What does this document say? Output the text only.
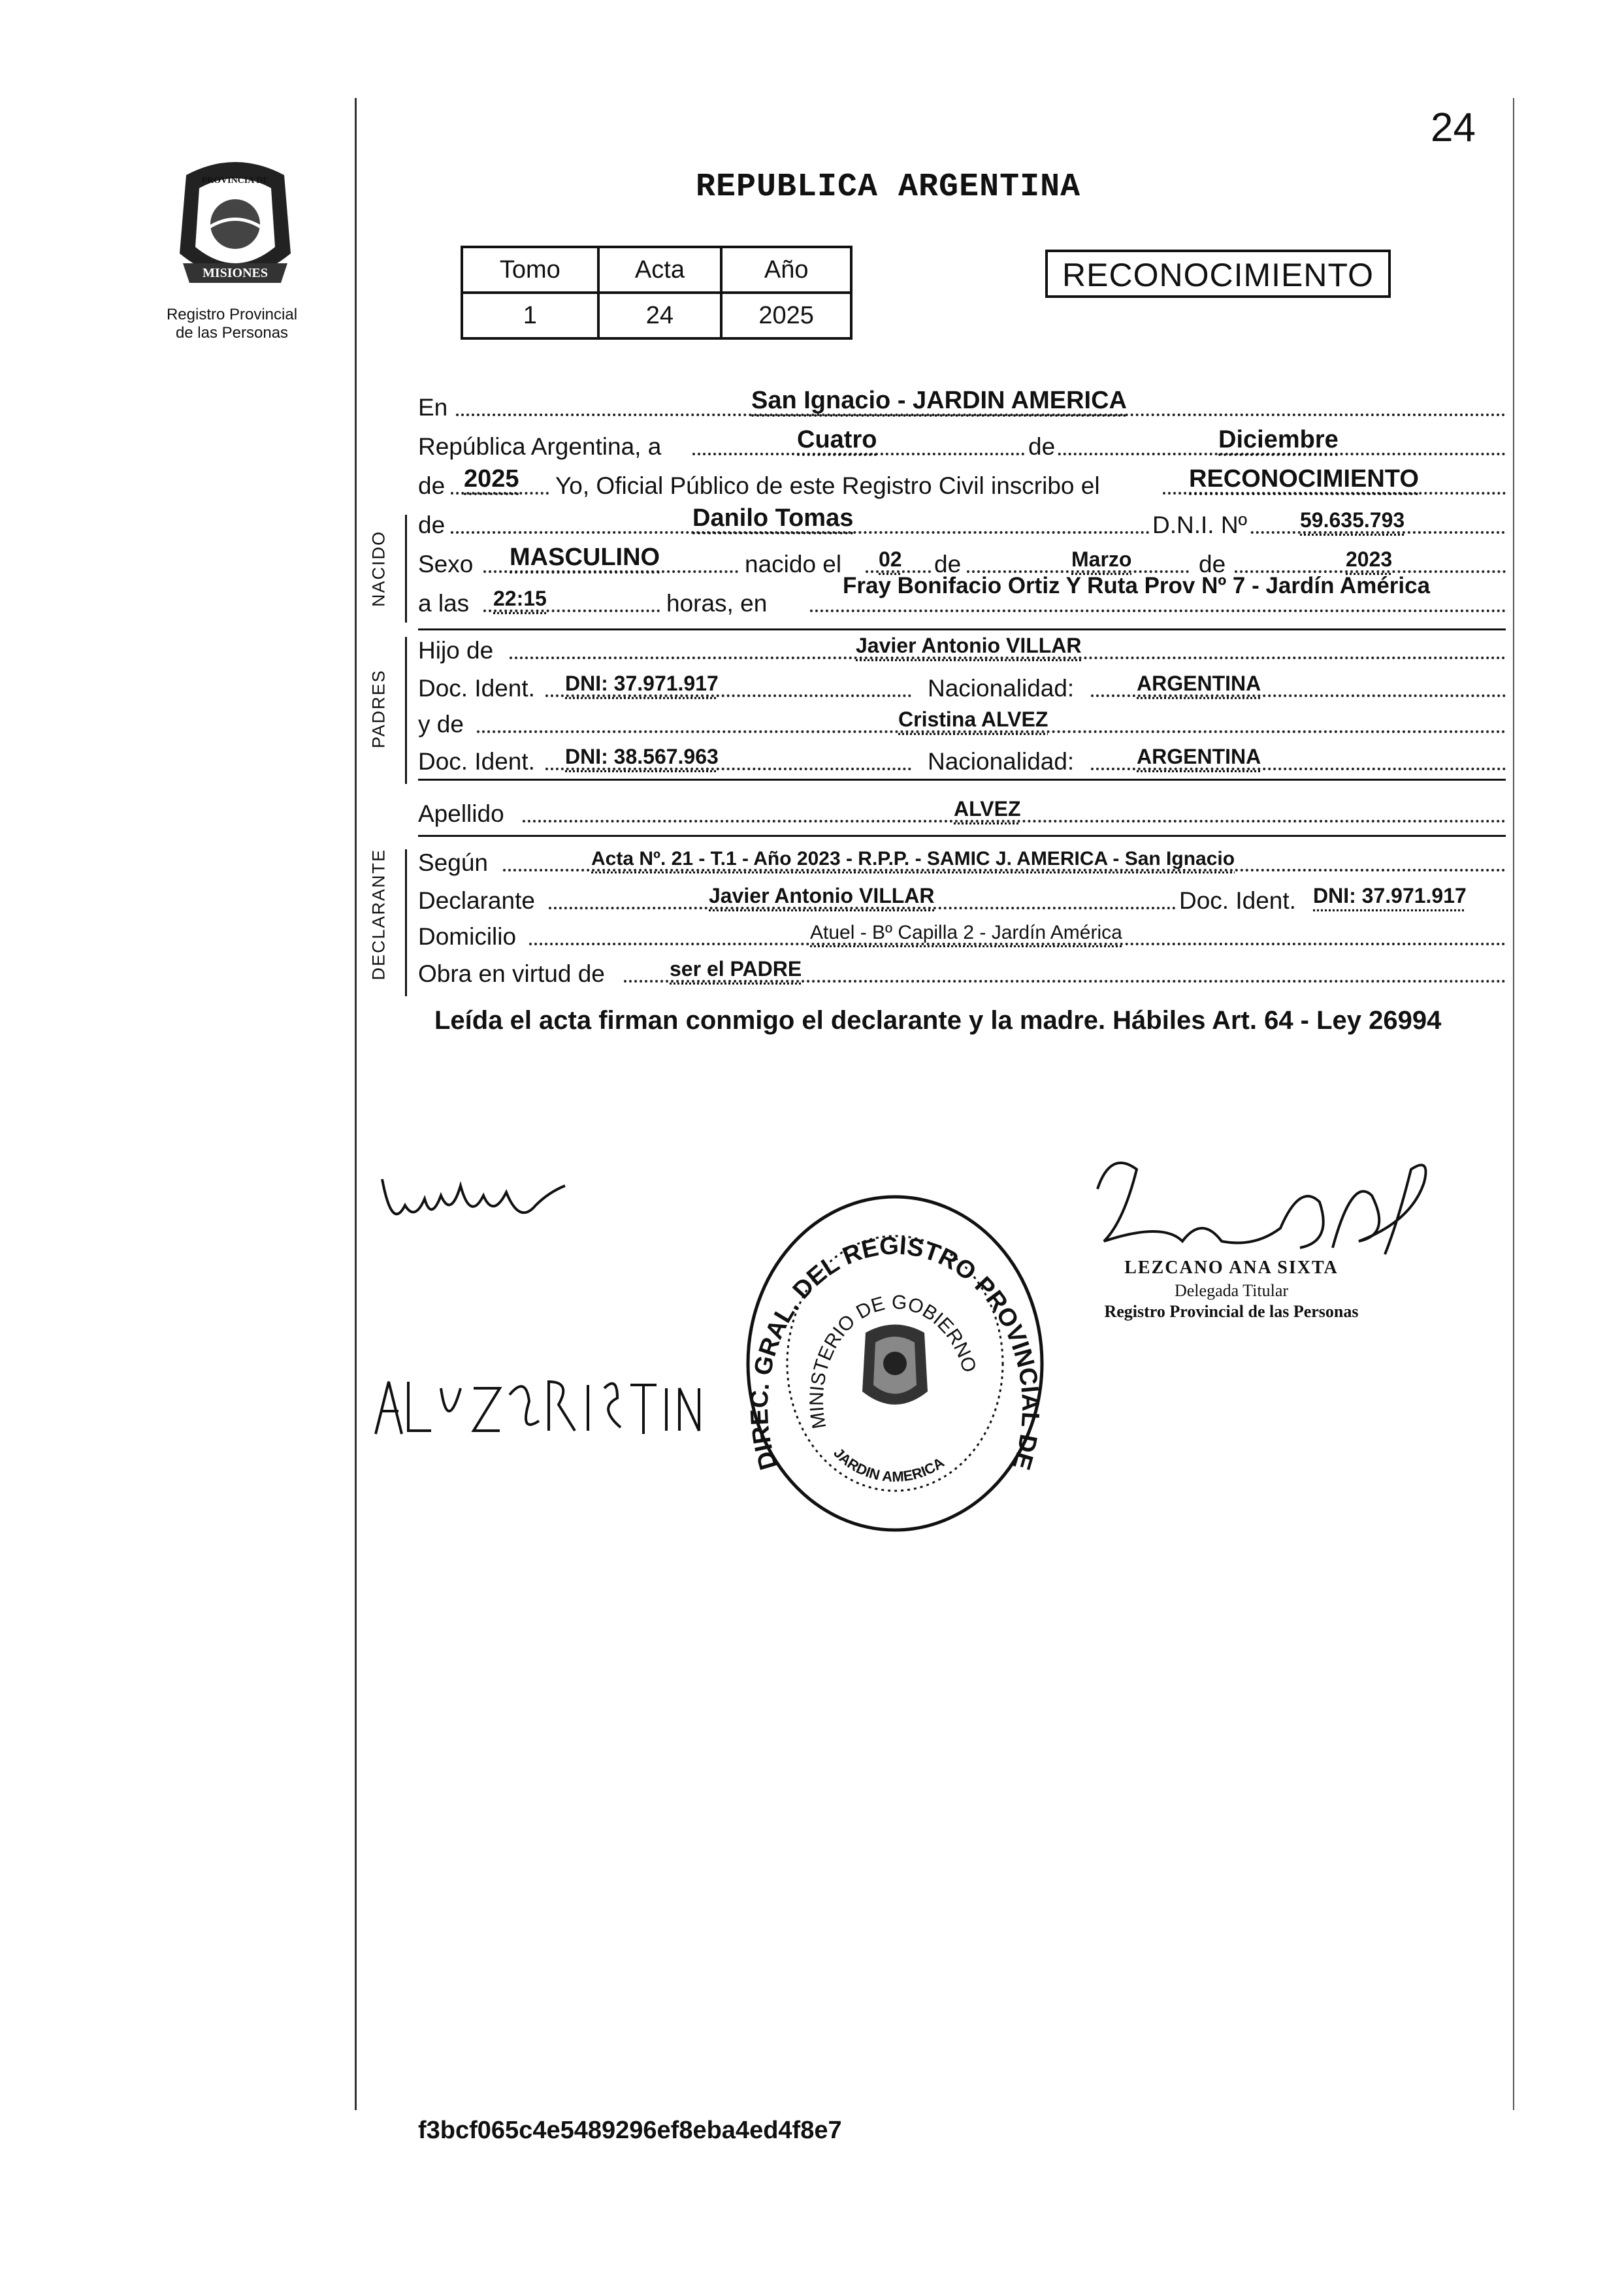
24
PROVINCIA DE
MISIONES
Registro Provincial
de las Personas
REPUBLICA ARGENTINA
Tomo	Acta	Año
1	24	2025
RECONOCIMIENTO
En	San Ignacio - JARDIN AMERICA
República Argentina, a	Cuatro	de	Diciembre
de 2025 Yo, Oficial Público de este Registro Civil inscribo el	RECONOCIMIENTO
NACIDO
de	Danilo Tomas	D.N.I. Nº	59.635.793
Sexo MASCULINO	nacido el 02 de	Marzo	de	2023
a las 22:15	horas, en
Fray Bonifacio Ortiz Y Ruta Prov Nº 7 - Jardín América
PADRES
Hijo de	Javier Antonio VILLAR
Doc. Ident. DNI: 37.971.917	Nacionalidad:	ARGENTINA
y de	Cristina ALVEZ
Doc. Ident. DNI: 38.567.963	Nacionalidad:	ARGENTINA
Apellido	ALVEZ
DECLARANTE Según	Acta Nº. 21 - T.1 - Año 2023 - R.P.P. - SAMIC J. AMERICA - San Ignacio
Declarante	Javier Antonio VILLAR	Doc. Ident. DNI: 37.971.917
Domicilio	Atuel - Bº Capilla 2 - Jardín América
Obra en virtud de	ser el PADRE
Leída el acta firman conmigo el declarante y la madre. Hábiles Art. 64 - Ley 26994
DIREC. GRAL. DEL REGISTRO PROVINCIAL DE
MINISTERIO DE GOBIERNO
JARDIN AMERICA
LEZCANO ANA SIXTA
Delegada Titular
Registro Provincial de las Personas
f3bcf065c4e5489296ef8eba4ed4f8e7
